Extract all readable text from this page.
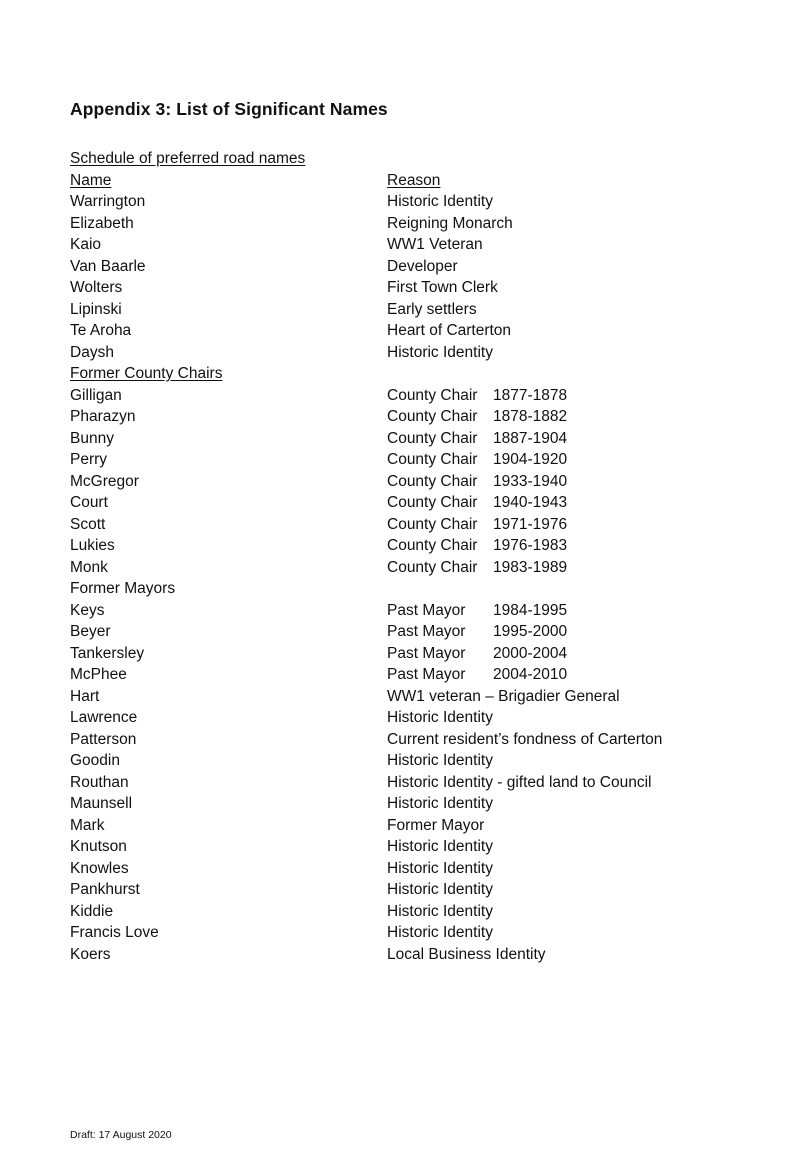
Appendix 3: List of Significant Names
Schedule of preferred road names
Name	Reason
Warrington	Historic Identity
Elizabeth	Reigning Monarch
Kaio	WW1 Veteran
Van Baarle	Developer
Wolters	First Town Clerk
Lipinski	Early settlers
Te Aroha	Heart of Carterton
Daysh	Historic Identity
Former County Chairs
Gilligan	County Chair 1877-1878
Pharazyn	County Chair 1878-1882
Bunny	County Chair 1887-1904
Perry	County Chair 1904-1920
McGregor	County Chair 1933-1940
Court	County Chair 1940-1943
Scott	County Chair 1971-1976
Lukies	County Chair 1976-1983
Monk	County Chair 1983-1989
Former Mayors
Keys	Past Mayor 1984-1995
Beyer	Past Mayor 1995-2000
Tankersley	Past Mayor 2000-2004
McPhee	Past Mayor 2004-2010
Hart	WW1 veteran – Brigadier General
Lawrence	Historic Identity
Patterson	Current resident’s fondness of Carterton
Goodin	Historic Identity
Routhan	Historic Identity - gifted land to Council
Maunsell	Historic Identity
Mark	Former Mayor
Knutson	Historic Identity
Knowles	Historic Identity
Pankhurst	Historic Identity
Kiddie	Historic Identity
Francis Love	Historic Identity
Koers	Local Business Identity
Draft: 17 August 2020
